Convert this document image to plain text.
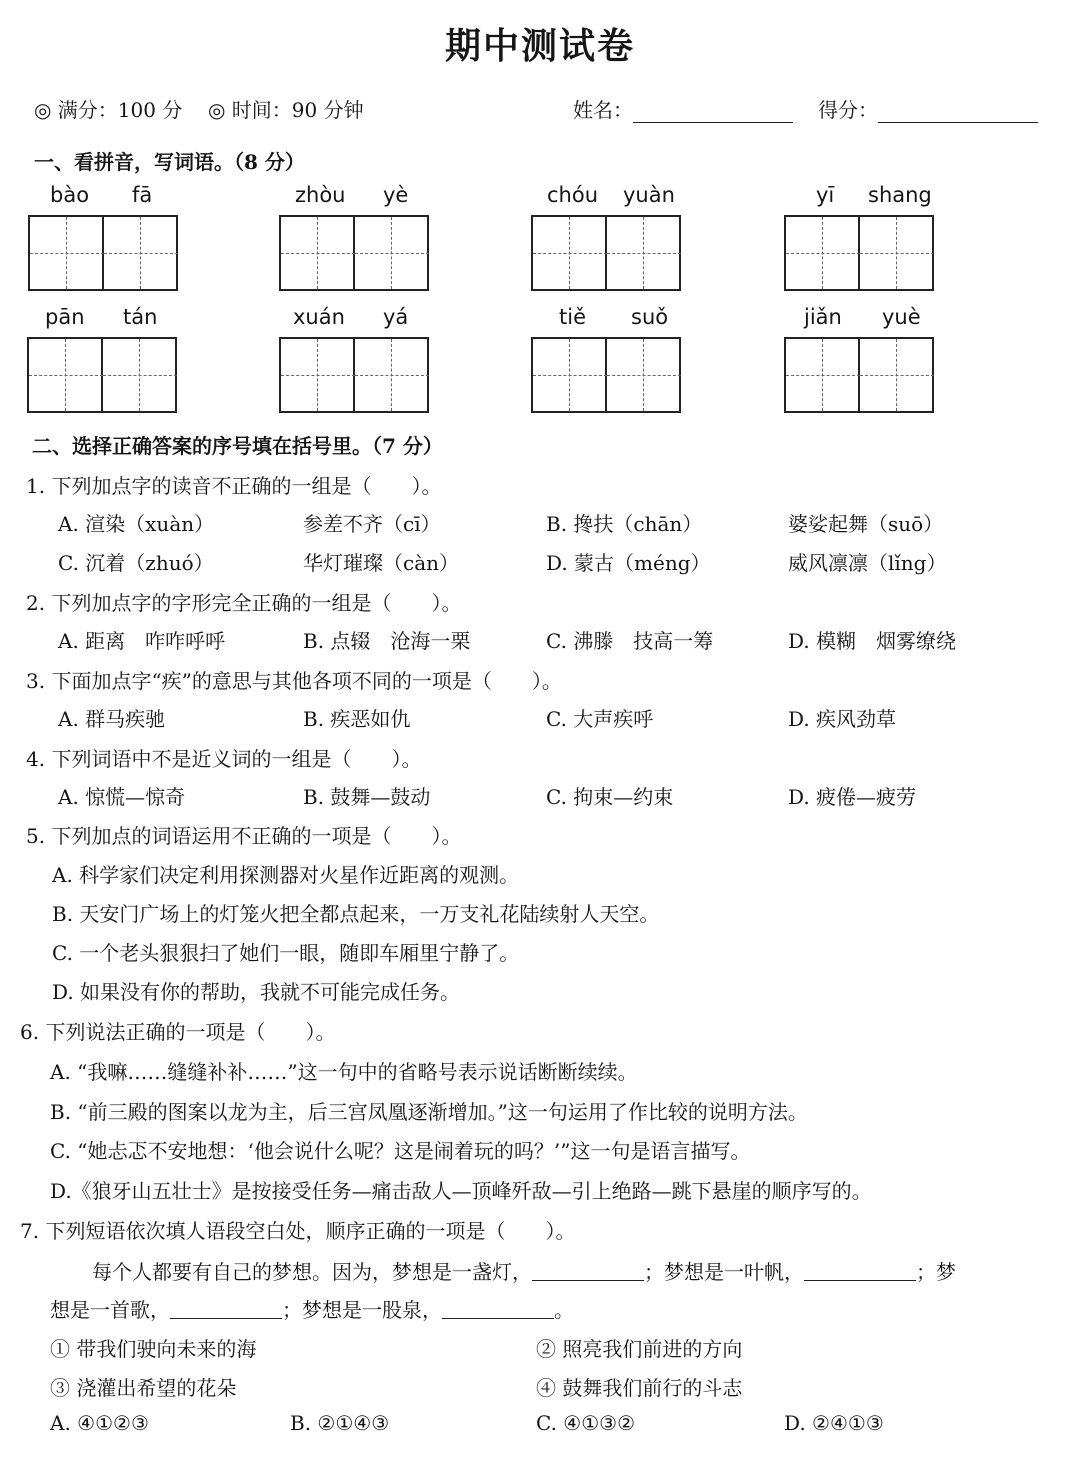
期中测试卷
◎ 满分：100 分 ◎ 时间：90 分钟	姓名：	得分：
一、看拼音，写词语。（8 分）
bào fā	zhòu yè	chóu yuàn	yī shang
pān tán	xuán yá	tiě suǒ	jiǎn yuè
二、选择正确答案的序号填在括号里。（7 分）
1. 下列加点字的读音不正确的一组是（　　）。
A. 渲染（xuàn）	参差不齐（cī）	B. 搀扶（chān）	婆娑起舞（suō）
C. 沉着（zhuó）	华灯璀璨（càn）	D. 蒙古（méng）	威风凛凛（lǐng）
2. 下列加点字的字形完全正确的一组是（　　）。
A. 距离　咋咋呼呼	B. 点辍　沧海一栗	C. 沸滕　技高一筹	D. 模糊　烟雾缭绕
3. 下面加点字“疾”的意思与其他各项不同的一项是（　　）。
A. 群马疾驰	B. 疾恶如仇	C. 大声疾呼	D. 疾风劲草
4. 下列词语中不是近义词的一组是（　　）。
A. 惊慌—惊奇	B. 鼓舞—鼓动	C. 拘束—约束	D. 疲倦—疲劳
5. 下列加点的词语运用不正确的一项是（　　）。
A. 科学家们决定利用探测器对火星作近距离的观测。
B. 天安门广场上的灯笼火把全都点起来，一万支礼花陆续射人天空。
C. 一个老头狠狠扫了她们一眼，随即车厢里宁静了。
D. 如果没有你的帮助，我就不可能完成任务。
6. 下列说法正确的一项是（　　）。
A. “我嘛……缝缝补补……”这一句中的省略号表示说话断断续续。
B. “前三殿的图案以龙为主，后三宫凤凰逐渐增加。”这一句运用了作比较的说明方法。
C. “她忐忑不安地想：‘他会说什么呢？这是闹着玩的吗？’”这一句是语言描写。
D.《狼牙山五壮士》是按接受任务—痛击敌人—顶峰歼敌—引上绝路—跳下悬崖的顺序写的。
7. 下列短语依次填人语段空白处，顺序正确的一项是（　　）。
每个人都要有自己的梦想。因为，梦想是一盏灯，	；梦想是一叶帆，	；梦
想是一首歌，	；梦想是一股泉，	。
① 带我们驶向未来的海	② 照亮我们前进的方向
③ 浇灌出希望的花朵	④ 鼓舞我们前行的斗志
A. ④①②③	B. ②①④③	C. ④①③②	D. ②④①③
